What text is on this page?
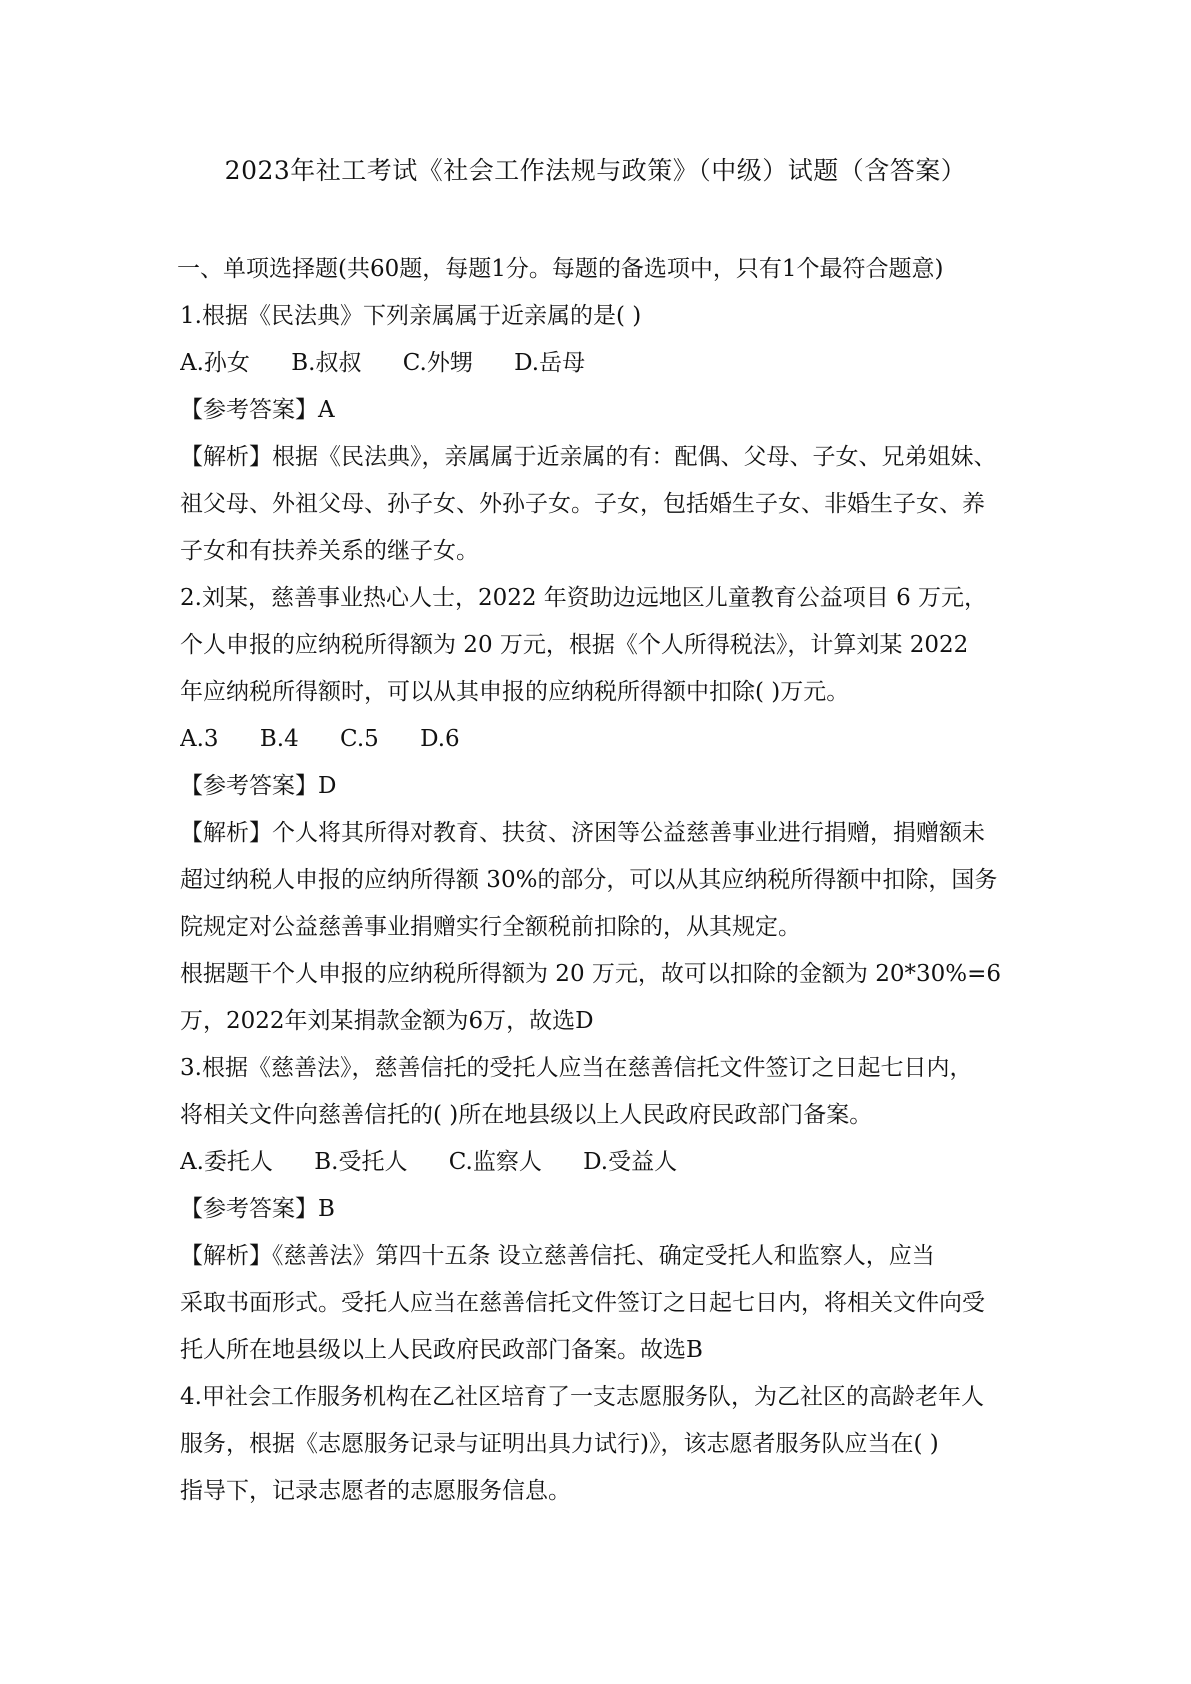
2023年社工考试《社会工作法规与政策》（中级）试题（含答案）
一、单项选择题(共60题，每题1分。每题的备选项中，只有1个最符合题意)
1.根据《民法典》下列亲属属于近亲属的是( )
A.孙女 B.叔叔 C.外甥 D.岳母
【参考答案】A
【解析】根据《民法典》，亲属属于近亲属的有：配偶、父母、子女、兄弟姐妹、
祖父母、外祖父母、孙子女、外孙子女。子女，包括婚生子女、非婚生子女、养
子女和有扶养关系的继子女。
2.刘某，慈善事业热心人士，2022 年资助边远地区儿童教育公益项目 6 万元，
个人申报的应纳税所得额为 20 万元，根据《个人所得税法》，计算刘某 2022
年应纳税所得额时，可以从其申报的应纳税所得额中扣除( )万元。
A.3 B.4 C.5 D.6
【参考答案】D
【解析】个人将其所得对教育、扶贫、济困等公益慈善事业进行捐赠，捐赠额未
超过纳税人申报的应纳所得额 30%的部分，可以从其应纳税所得额中扣除，国务
院规定对公益慈善事业捐赠实行全额税前扣除的，从其规定。
根据题干个人申报的应纳税所得额为 20 万元，故可以扣除的金额为 20*30%=6
万，2022年刘某捐款金额为6万，故选D
3.根据《慈善法》，慈善信托的受托人应当在慈善信托文件签订之日起七日内，
将相关文件向慈善信托的( )所在地县级以上人民政府民政部门备案。
A.委托人 B.受托人 C.监察人 D.受益人
【参考答案】B
【解析】《慈善法》第四十五条 设立慈善信托、确定受托人和监察人，应当
采取书面形式。受托人应当在慈善信托文件签订之日起七日内，将相关文件向受
托人所在地县级以上人民政府民政部门备案。故选B
4.甲社会工作服务机构在乙社区培育了一支志愿服务队，为乙社区的高龄老年人
服务，根据《志愿服务记录与证明出具力试行)》，该志愿者服务队应当在( )
指导下，记录志愿者的志愿服务信息。
